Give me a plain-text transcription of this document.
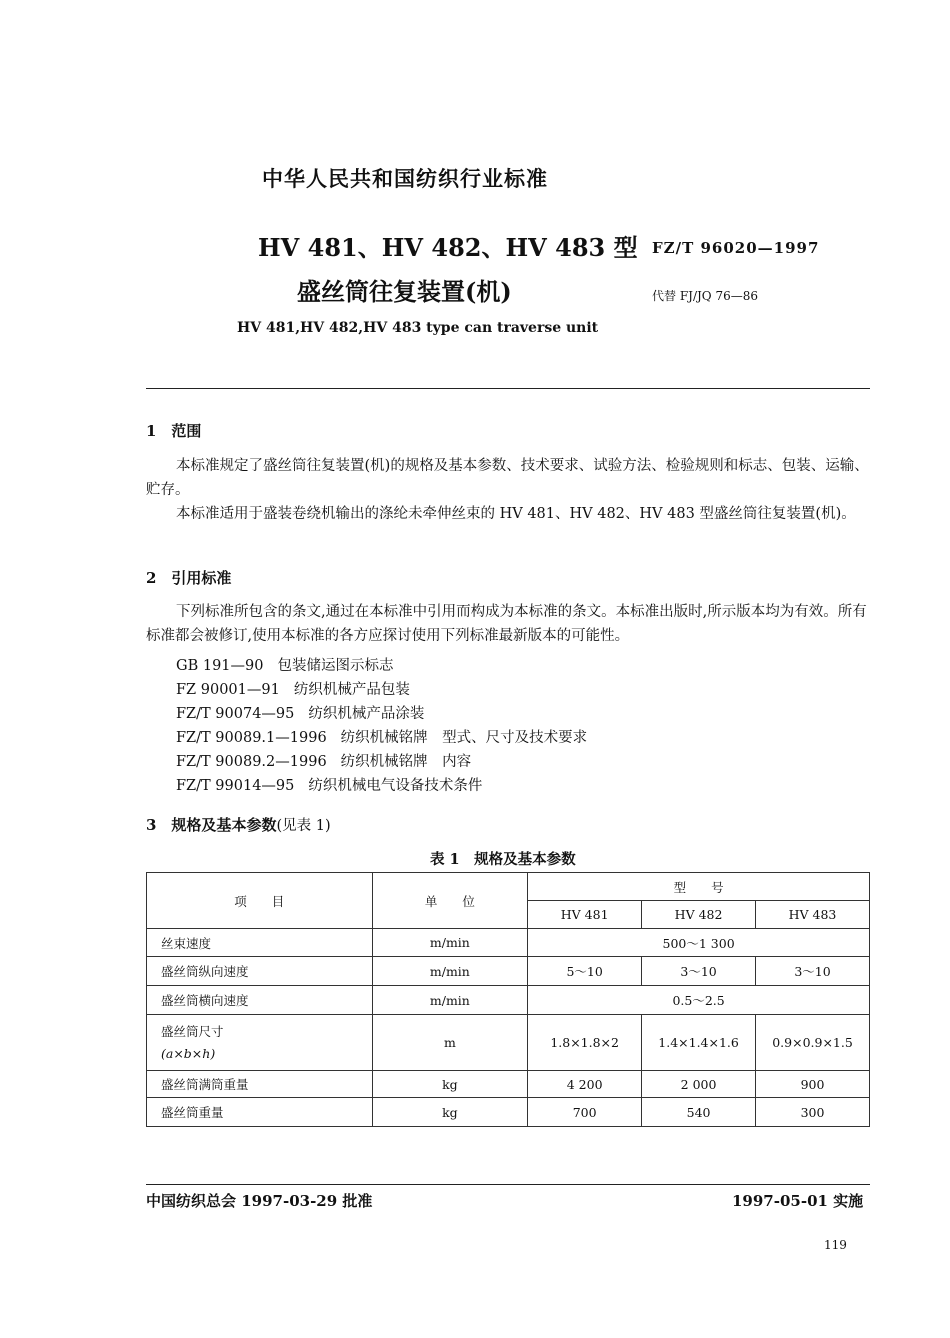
中华人民共和国纺织行业标准
HV 481、HV 482、HV 483 型
盛丝筒往复装置(机)
HV 481,HV 482,HV 483 type can traverse unit
FZ/T 96020—1997
代替 FJ/JQ 76—86
1　范围
本标准规定了盛丝筒往复装置(机)的规格及基本参数、技术要求、试验方法、检验规则和标志、包装、运输、贮存。
本标准适用于盛装卷绕机输出的涤纶未牵伸丝束的 HV 481、HV 482、HV 483 型盛丝筒往复装置(机)。
2　引用标准
下列标准所包含的条文,通过在本标准中引用而构成为本标准的条文。本标准出版时,所示版本均为有效。所有标准都会被修订,使用本标准的各方应探讨使用下列标准最新版本的可能性。
GB 191—90 包装储运图示标志
FZ 90001—91 纺织机械产品包装
FZ/T 90074—95 纺织机械产品涂装
FZ/T 90089.1—1996 纺织机械铭牌　型式、尺寸及技术要求
FZ/T 90089.2—1996 纺织机械铭牌　内容
FZ/T 99014—95 纺织机械电气设备技术条件
3　规格及基本参数(见表 1)
表 1　规格及基本参数
项　　目	单　　位	型　　号		
		HV 481	HV 482	HV 483
丝束速度	m/min	500～1 300		
盛丝筒纵向速度	m/min	5～10	3～10	3～10
盛丝筒横向速度	m/min	0.5～2.5		

盛丝筒尺寸
(a×b×h)	m	1.8×1.8×2	1.4×1.4×1.6	0.9×0.9×1.5
盛丝筒满筒重量	kg	4 200	2 000	900
盛丝筒重量	kg	700	540	300
中国纺织总会 1997-03-29 批准	1997-05-01 实施
119
